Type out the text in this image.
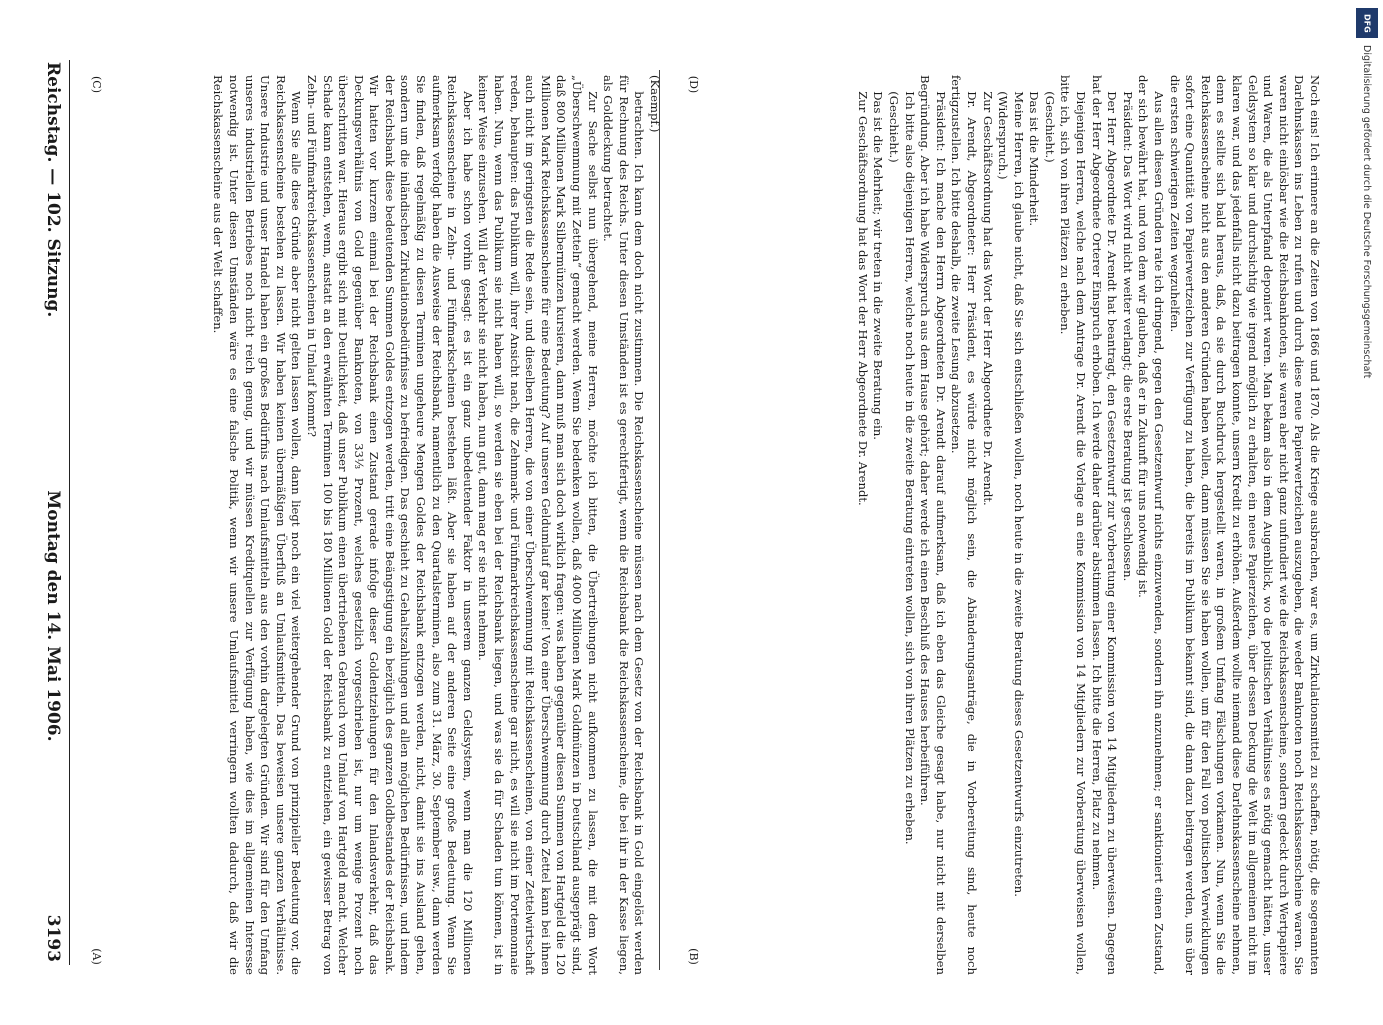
Reichstag. — 102. Sitzung.
Montag den 14. Mai 1906.
3193

(Kaempf.)

betrachten. Ich kann dem doch nicht zustimmen. Die Reichskassenscheine müssen nach dem Gesetz von der Reichsbank in Gold eingelöst werden für Rechnung des Reichs. Unter diesen Umständen ist es gerechtfertigt, wenn die Reichsbank die Reichskassenscheine, die bei ihr in der Kasse liegen, als Golddeckung betrachtet.

Zur Sache selbst nun übergehend, meine Herren, möchte ich bitten, die Übertreibungen nicht aufkommen zu lassen, die mit dem Wort „Überschwemmung mit Zetteln“ gemacht werden. Wenn Sie bedenken wollen, daß 4000 Millionen Mark Goldmünzen in Deutschland ausgeprägt sind, daß 800 Millionen Mark Silbermünzen kursieren, dann muß man sich doch wirklich fragen: was haben gegenüber diesen Summen von Hartgeld die 120 Millionen Mark Reichskassenscheine für eine Bedeutung? Auf unseren Geldumlauf gar keine! Von einer Überschwemmung durch Zettel kann bei ihnen auch nicht im geringsten die Rede sein, und dieselben Herren, die von einer Überschwemmung mit Reichskassenscheinen, von einer Zettelwirtschaft reden, behaupten: das Publikum will, ihrer Ansicht nach, die Zehnmark- und Fünfmarkreichskassenscheine gar nicht, es will sie nicht im Portemonnaie haben. Nun, wenn das Publikum sie nicht haben will, so werden sie eben bei der Reichsbank liegen, und was sie da für Schaden tun können, ist in keiner Weise einzusehen. Will der Verkehr sie nicht haben, nun gut, dann mag er sie nicht nehmen.

Aber ich habe schon vorhin gesagt: es ist ein ganz unbedeutender Faktor in unserem ganzen Geldsystem, wenn man die 120 Millionen Reichskassenscheine in Zehn- und Fünfmarkscheinen bestehen läßt. Aber sie haben auf der anderen Seite eine große Bedeutung. Wenn Sie aufmerksam verfolgt haben die Ausweise der Reichsbank, namentlich zu den Quartalsterminen, also zum 31. März, 30. September usw., dann werden Sie finden, daß regelmäßig zu diesen Terminen ungeheure Mengen Goldes der Reichsbank entzogen werden, nicht, damit sie ins Ausland gehen, sondern um die inländischen Zirkulationsbedürfnisse zu befriedigen. Das geschieht zu Gehaltszahlungen und allen möglichen Bedürfnissen, und indem der Reichsbank diese bedeutenden Summen Goldes entzogen werden, tritt eine Beängstigung ein bezüglich des ganzen Goldbestandes der Reichsbank. Wir hatten vor kurzem einmal bei der Reichsbank einen Zustand gerade infolge dieser Goldentziehungen für den Inlandsverkehr, daß das Deckungsverhältnis von Gold gegenüber Banknoten, von 33⅓ Prozent, welches gesetzlich vorgeschrieben ist, nur um wenige Prozent noch überschritten war. Hieraus ergibt sich mit Deutlichkeit, daß unser Publikum einen übertriebenen Gebrauch vom Umlauf von Hartgeld macht. Welcher Schade kann entstehen, wenn, anstatt an den erwähnten Terminen 100 bis 180 Millionen Gold der Reichsbank zu entziehen, ein gewisser Betrag von Zehn- und Fünfmarkreichskassenscheinen in Umlauf kommt?

Wenn Sie alle diese Gründe aber nicht gelten lassen wollen, dann liegt noch ein viel weitergehender Grund von prinzipieller Bedeutung vor, die Reichskassenscheine bestehen zu lassen. Wir haben keinen übermäßigen Überfluß an Umlaufsmitteln. Das beweisen unsere ganzen Verhältnisse. Unsere Industrie und unser Handel haben ein großes Bedürfnis nach Umlaufsmitteln aus den vorhin dargelegten Gründen. Wir sind für den Umfang unseres industriellen Betriebes noch nicht reich genug, und wir müssen Kreditquellen zur Verfügung haben, wie dies im allgemeinen Interesse notwendig ist. Unter diesen Umständen wäre es eine falsche Politik, wenn wir unsere Umlaufsmittel verringern wollten dadurch, daß wir die Reichskassenscheine aus der Welt schaffen.	Noch eins! Ich erinnere an die Zeiten von 1866 und 1870. Als die Kriege ausbrachen, war es, um Zirkulationsmittel zu schaffen, nötig, die sogenannten Darlehnskassen ins Leben zu rufen und durch diese neue Papierwertzeichen auszugeben, die weder Banknoten noch Reichskassenscheine waren. Sie waren nicht einlösbar wie die Reichsbanknoten, sie waren aber nicht ganz unfundiert wie die Reichskassenscheine, sondern gedeckt durch Wertpapiere und Waren, die als Unterpfand deponiert waren. Man bekam also in dem Augenblick, wo die politischen Verhältnisse es nötig gemacht hätten, unser Geldsystem so klar und durchsichtig wie irgend möglich zu erhalten, ein neues Papierzeichen, über dessen Deckung die Welt im allgemeinen nicht im klaren war, und das jedenfalls nicht dazu beitragen konnte, unsern Kredit zu erhöhen. Außerdem wollte niemand diese Darlehnskassenscheine nehmen, denn es stellte sich bald heraus, daß, da sie durch Buchdruck hergestellt waren, in großem Umfang Fälschungen vorkamen. Nun, wenn Sie die Reichskassenscheine nicht aus den anderen Gründen haben wollen, dann müssen Sie sie haben wollen, um für den Fall von politischen Verwicklungen sofort eine Quantität von Papierwertzeichen zur Verfügung zu haben, die bereits im Publikum bekannt sind, die dann dazu beitragen werden, uns über die ersten schwierigen Zeiten wegzuhelfen.

Aus allen diesen Gründen rate ich dringend, gegen den Gesetzentwurf nichts einzuwenden, sondern ihn anzunehmen; er sanktioniert einen Zustand, der sich bewährt hat, und von dem wir glauben, daß er in Zukunft für uns notwendig ist.

Präsident: Das Wort wird nicht weiter verlangt; die erste Beratung ist geschlossen.

Der Herr Abgeordnete Dr. Arendt hat beantragt, den Gesetzentwurf zur Vorberatung einer Kommission von 14 Mitgliedern zu überweisen. Dagegen hat der Herr Abgeordnete Orterer Einspruch erhoben. Ich werde daher darüber abstimmen lassen. Ich bitte die Herren, Platz zu nehmen.

Diejenigen Herren, welche nach dem Antrage Dr. Arendt die Vorlage an eine Kommission von 14 Mitgliedern zur Vorberatung überweisen wollen, bitte ich, sich von ihren Plätzen zu erheben.

(Geschieht.)

Das ist die Minderheit.

Meine Herren, ich glaube nicht, daß Sie sich entschließen wollen, noch heute in die zweite Beratung dieses Gesetzentwurfs einzutreten.

(Widerspruch.)

Zur Geschäftsordnung hat das Wort der Herr Abgeordnete Dr. Arendt.

Dr. Arendt, Abgeordneter: Herr Präsident, es würde nicht möglich sein, die Abänderungsanträge, die in Vorbereitung sind, heute noch fertigzustellen. Ich bitte deshalb, die zweite Lesung abzusetzen.

Präsident: Ich mache den Herrn Abgeordneten Dr. Arendt darauf aufmerksam, daß ich eben das Gleiche gesagt habe, nur nicht mit derselben Begründung. Aber ich habe Widerspruch aus dem Hause gehört; daher werde ich einen Beschluß des Hauses herbeiführen.

Ich bitte also diejenigen Herren, welche noch heute in die zweite Beratung eintreten wollen, sich von ihren Plätzen zu erheben.

(Geschieht.)

Das ist die Mehrheit; wir treten in die zweite Beratung ein.

Zur Geschäftsordnung hat das Wort der Herr Abgeordnete Dr. Arendt.

(A)	(B)
(C)	(D)
DFG
Digitalisierung gefördert durch die Deutsche Forschungsgemeinschaft
